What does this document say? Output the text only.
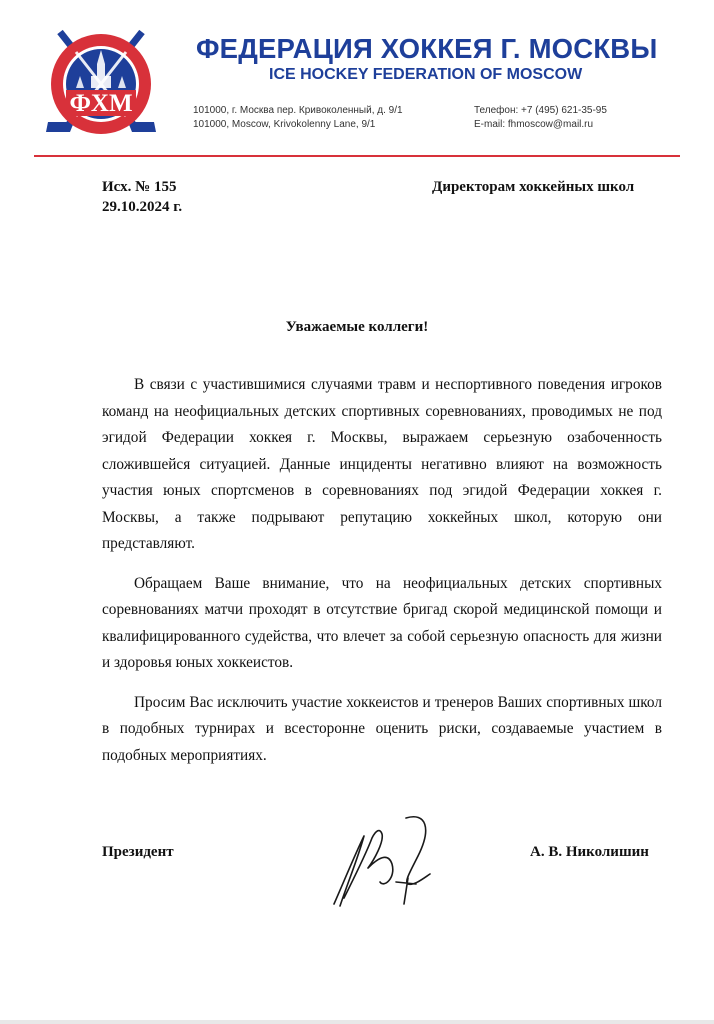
ФХМ
ФЕДЕРАЦИЯ ХОККЕЯ Г. МОСКВЫ
ICE HOCKEY FEDERATION OF MOSCOW
101000, г. Москва пер. Кривоколенный, д. 9/1
101000, Moscow, Krivokolenny Lane, 9/1
Телефон: +7 (495) 621-35-95
E-mail: fhmoscow@mail.ru
Исх. № 155
29.10.2024 г.
Директорам хоккейных школ
Уважаемые коллеги!

В связи с участившимися случаями травм и неспортивного поведения игроков команд на неофициальных детских спортивных соревнованиях, проводимых не под эгидой Федерации хоккея г. Москвы, выражаем серьезную озабоченность сложившейся ситуацией. Данные инциденты негативно влияют на возможность участия юных спортсменов в соревнованиях под эгидой Федерации хоккея г. Москвы, а также подрывают репутацию хоккейных школ, которую они представляют.

Обращаем Ваше внимание, что на неофициальных детских спортивных соревнованиях матчи проходят в отсутствие бригад скорой медицинской помощи и квалифицированного судейства, что влечет за собой серьезную опасность для жизни и здоровья юных хоккеистов.

Просим Вас исключить участие хоккеистов и тренеров Ваших спортивных школ в подобных турнирах и всесторонне оценить риски, создаваемые участием в подобных мероприятиях.

Президент	А. В. Николишин
